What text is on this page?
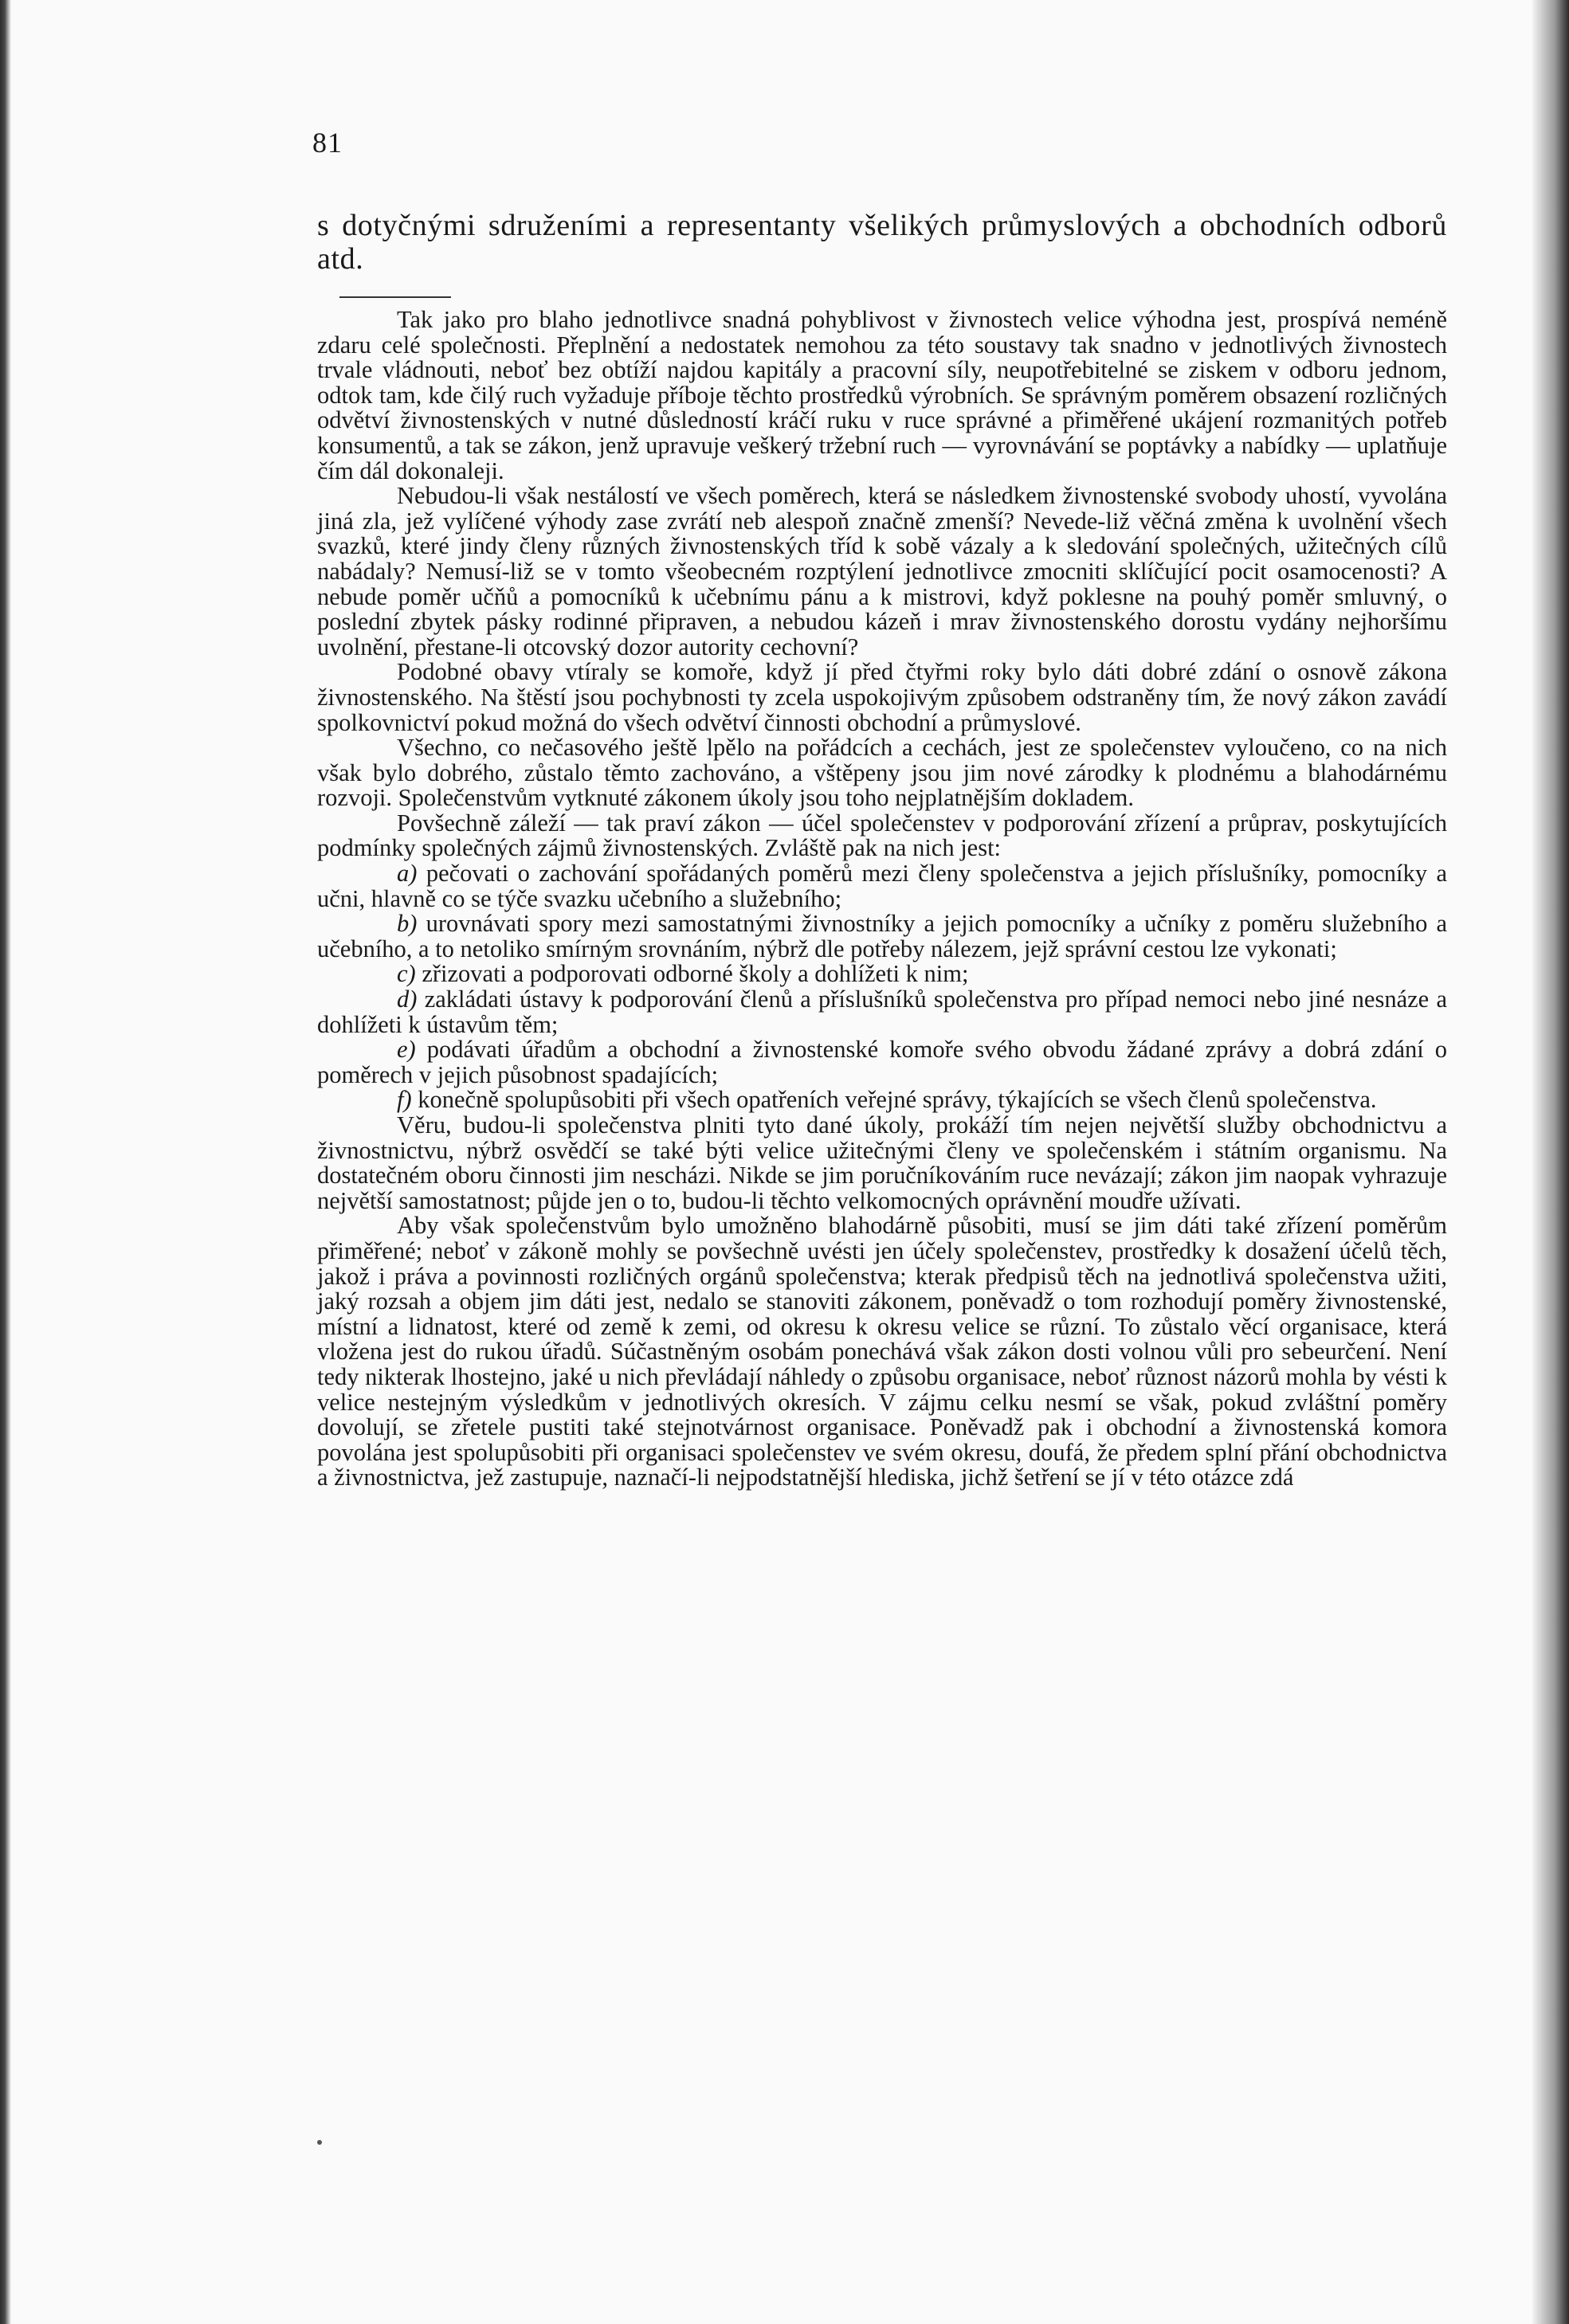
81

s dotyčnými sdruženími a representanty všelikých průmyslových a obchodních odborů atd.

Tak jako pro blaho jednotlivce snadná pohyblivost v živnostech velice výhodna jest, prospívá neméně zdaru celé společnosti. Přeplnění a nedostatek nemohou za této soustavy tak snadno v jednotlivých živnostech trvale vládnouti, neboť bez obtíží najdou kapitály a pracovní síly, neupotřebitelné se ziskem v odboru jednom, odtok tam, kde čilý ruch vyžaduje příboje těchto prostředků výrobních. Se správným poměrem obsazení rozličných odvětví živnostenských v nutné důsledností kráčí ruku v ruce správné a přiměřené ukájení rozmanitých potřeb konsumentů, a tak se zákon, jenž upravuje veškerý tržební ruch — vyrovnávání se poptávky a nabídky — uplatňuje čím dál dokonaleji.

Nebudou-li však nestálostí ve všech poměrech, která se následkem živnostenské svobody uhostí, vyvolána jiná zla, jež vylíčené výhody zase zvrátí neb alespoň značně zmenší? Nevede-liž věčná změna k uvolnění všech svazků, které jindy členy různých živnostenských tříd k sobě vázaly a k sledování společných, užitečných cílů nabádaly? Nemusí-liž se v tomto všeobecném rozptýlení jednotlivce zmocniti sklíčující pocit osamocenosti? A nebude poměr učňů a pomocníků k učebnímu pánu a k mistrovi, když poklesne na pouhý poměr smluvný, o poslední zbytek pásky rodinné připraven, a nebudou kázeň i mrav živnostenského dorostu vydány nejhoršímu uvolnění, přestane-li otcovský dozor autority cechovní?

Podobné obavy vtíraly se komoře, když jí před čtyřmi roky bylo dáti dobré zdání o osnově zákona živnostenského. Na štěstí jsou pochybnosti ty zcela uspokojivým způsobem odstraněny tím, že nový zákon zavádí spolkovnictví pokud možná do všech odvětví činnosti obchodní a průmyslové.

Všechno, co nečasového ještě lpělo na pořádcích a cechách, jest ze společenstev vyloučeno, co na nich však bylo dobrého, zůstalo těmto zachováno, a vštěpeny jsou jim nové zárodky k plodnému a blahodárnému rozvoji. Společenstvům vytknuté zákonem úkoly jsou toho nejplatnějším dokladem.

Povšechně záleží — tak praví zákon — účel společenstev v podporování zřízení a průprav, poskytujících podmínky společných zájmů živnostenských. Zvláště pak na nich jest:

a) pečovati o zachování spořádaných poměrů mezi členy společenstva a jejich příslušníky, pomocníky a učni, hlavně co se týče svazku učebního a služebního;

b) urovnávati spory mezi samostatnými živnostníky a jejich pomocníky a učníky z poměru služebního a učebního, a to netoliko smírným srovnáním, nýbrž dle potřeby nálezem, jejž správní cestou lze vykonati;

c) zřizovati a podporovati odborné školy a dohlížeti k nim;

d) zakládati ústavy k podporování členů a příslušníků společenstva pro případ nemoci nebo jiné nesnáze a dohlížeti k ústavům těm;

e) podávati úřadům a obchodní a živnostenské komoře svého obvodu žádané zprávy a dobrá zdání o poměrech v jejich působnost spadajících;

f) konečně spolupůsobiti při všech opatřeních veřejné správy, týkajících se všech členů společenstva.

Věru, budou-li společenstva plniti tyto dané úkoly, prokáží tím nejen největší služby obchodnictvu a živnostnictvu, nýbrž osvědčí se také býti velice užitečnými členy ve společenském i státním organismu. Na dostatečném oboru činnosti jim nescházi. Nikde se jim poručníkováním ruce nevázají; zákon jim naopak vyhrazuje největší samostatnost; půjde jen o to, budou-li těchto velkomocných oprávnění moudře užívati.

Aby však společenstvům bylo umožněno blahodárně působiti, musí se jim dáti také zřízení poměrům přiměřené; neboť v zákoně mohly se povšechně uvésti jen účely společenstev, prostředky k dosažení účelů těch, jakož i práva a povinnosti rozličných orgánů společenstva; kterak předpisů těch na jednotlivá společenstva užiti, jaký rozsah a objem jim dáti jest, nedalo se stanoviti zákonem, poněvadž o tom rozhodují poměry živnostenské, místní a lidnatost, které od země k zemi, od okresu k okresu velice se různí. To zůstalo věcí organisace, která vložena jest do rukou úřadů. Súčastněným osobám ponechává však zákon dosti volnou vůli pro sebeurčení. Není tedy nikterak lhostejno, jaké u nich převládají náhledy o způsobu organisace, neboť různost názorů mohla by vésti k velice nestejným výsledkům v jednotlivých okresích. V zájmu celku nesmí se však, pokud zvláštní poměry dovolují, se zřetele pustiti také stejnotvárnost organisace. Poněvadž pak i obchodní a živnostenská komora povolána jest spolupůsobiti při organisaci společenstev ve svém okresu, doufá, že předem splní přání obchodnictva a živnostnictva, jež zastupuje, naznačí-li nejpodstatnější hlediska, jichž šetření se jí v této otázce zdá
